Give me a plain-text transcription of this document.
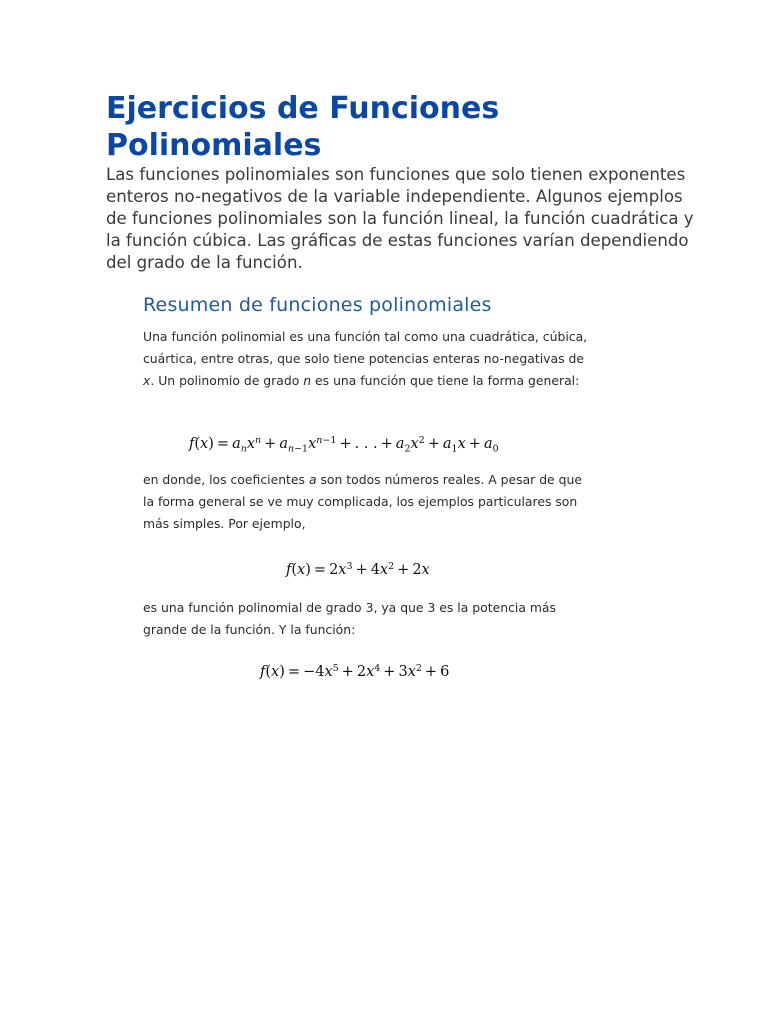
Ejercicios de Funciones Polinomiales

Las funciones polinomiales son funciones que solo tienen exponentes enteros no-negativos de la variable independiente. Algunos ejemplos de funciones polinomiales son la función lineal, la función cuadrática y la función cúbica. Las gráficas de estas funciones varían dependiendo del grado de la función.

Resumen de funciones polinomiales

Una función polinomial es una función tal como una cuadrática, cúbica, cuártica, entre otras, que solo tiene potencias enteras no-negativas de x. Un polinomio de grado n es una función que tiene la forma general:

$f(x) = a_nx^n + a_{n-1}x^{n-1}$ + . . . + $a_2x^2 + a_1x + a_0$

en donde, los coeficientes a son todos números reales. A pesar de que la forma general se ve muy complicada, los ejemplos particulares son más simples. Por ejemplo,

$f(x) = 2x^3 + 4x^2 + 2x$

es una función polinomial de grado 3, ya que 3 es la potencia más grande de la función. Y la función:

$f(x) = -4x^5 + 2x^4 + 3x^2 + 6$
